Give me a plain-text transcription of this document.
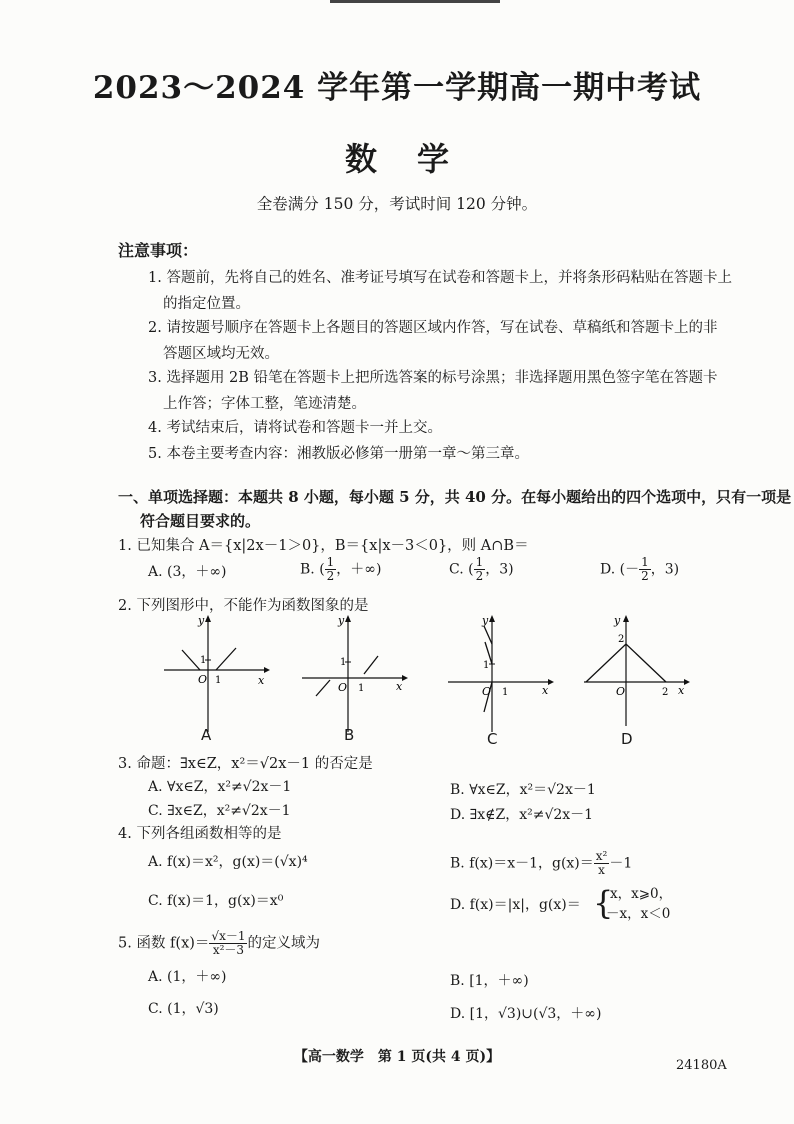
2023～2024 学年第一学期高一期中考试
数学
全卷满分 150 分，考试时间 120 分钟。
注意事项：
1. 答题前，先将自己的姓名、准考证号填写在试卷和答题卡上，并将条形码粘贴在答题卡上
的指定位置。
2. 请按题号顺序在答题卡上各题目的答题区域内作答，写在试卷、草稿纸和答题卡上的非
答题区域均无效。
3. 选择题用 2B 铅笔在答题卡上把所选答案的标号涂黑；非选择题用黑色签字笔在答题卡
上作答；字体工整，笔迹清楚。
4. 考试结束后，请将试卷和答题卡一并上交。
5. 本卷主要考查内容：湘教版必修第一册第一章～第三章。
一、单项选择题：本题共 8 小题，每小题 5 分，共 40 分。在每小题给出的四个选项中，只有一项是
符合题目要求的。
1. 已知集合 A＝{x|2x－1＞0}，B＝{x|x－3＜0}，则 A∩B＝
A. (3，＋∞)	B. ( $\frac{1}{2}$ ，＋∞)	C. ( $\frac{1}{2}$ ，3)	D. (－ $\frac{1}{2}$ ，3)
2. 下列图形中，不能作为函数图象的是
y
x
O 1
1
A
y
x
O 1
1
B
y
x
O 1
1
C
y
x
O	2
2
D
3. 命题：∃x∈Z，x²＝√2x－1 的否定是
A. ∀x∈Z，x²≠√2x－1	B. ∀x∈Z，x²＝√2x－1
C. ∃x∈Z，x²≠√2x－1	D. ∃x∉Z，x²≠√2x－1
4. 下列各组函数相等的是
A. f(x)＝x²，g(x)＝(√x)⁴	B. f(x)＝x－1，$g(x)= \frac{\text{x²}}{x} -1$
C. f(x)＝1，g(x)＝x⁰	D. f(x)＝|x|，g(x)＝ {
x，x⩾0，
－x，x＜0
5. 函数 $f(x)= \frac{√x-1}{\text{x²－3}}$ 的定义域为
A. (1，＋∞)	B. [1，＋∞)
C. (1，√3)	D. [1，√3)∪(√3，＋∞)
【高一数学　第 1 页(共 4 页)】
24180A
